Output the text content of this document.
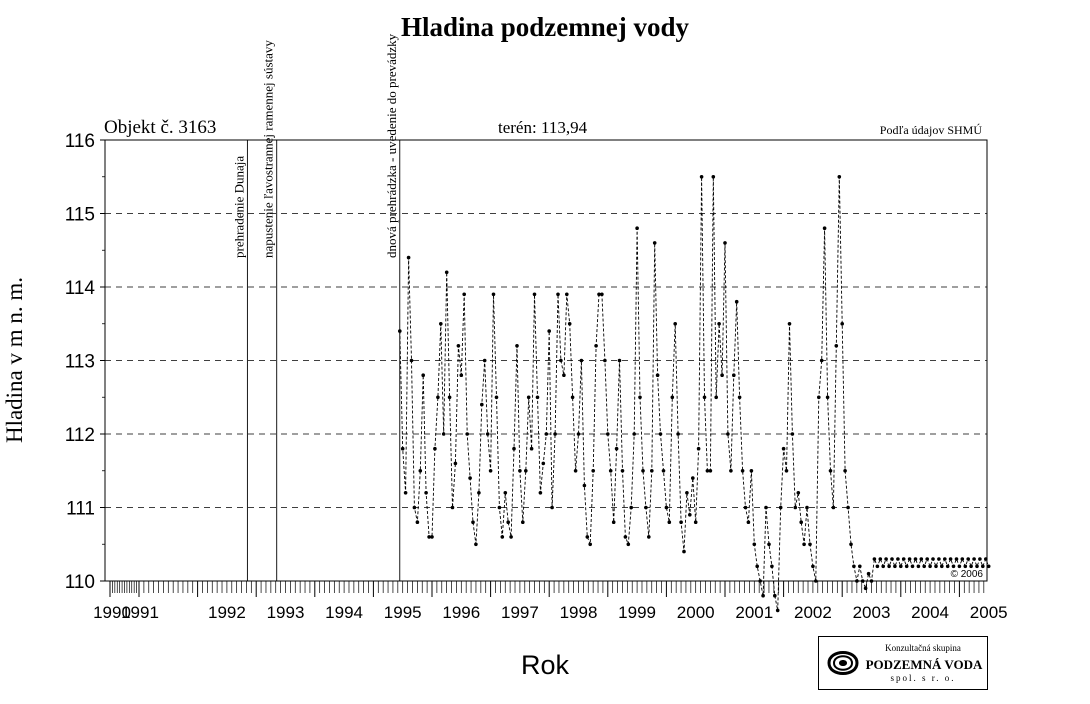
Hladina podzemnej vody
prehradenie Dunaja napustenie ľavostrannej ramennej sústavy	dnová prehrádzka - uvedenie do prevádzky
1990
1991	1992 1993 1994 1995 1996 1997 1998 1999 2000 2001 2002 2003 2004 2005
110
111
112
113
114
115
116
Objekt č. 3163	terén: 113,94	Podľa údajov SHMÚ
© 2006
Rok
Hladina v m n. m.
Konzultačná skupina
PODZEMNÁ VODA
spol. s r. o.
